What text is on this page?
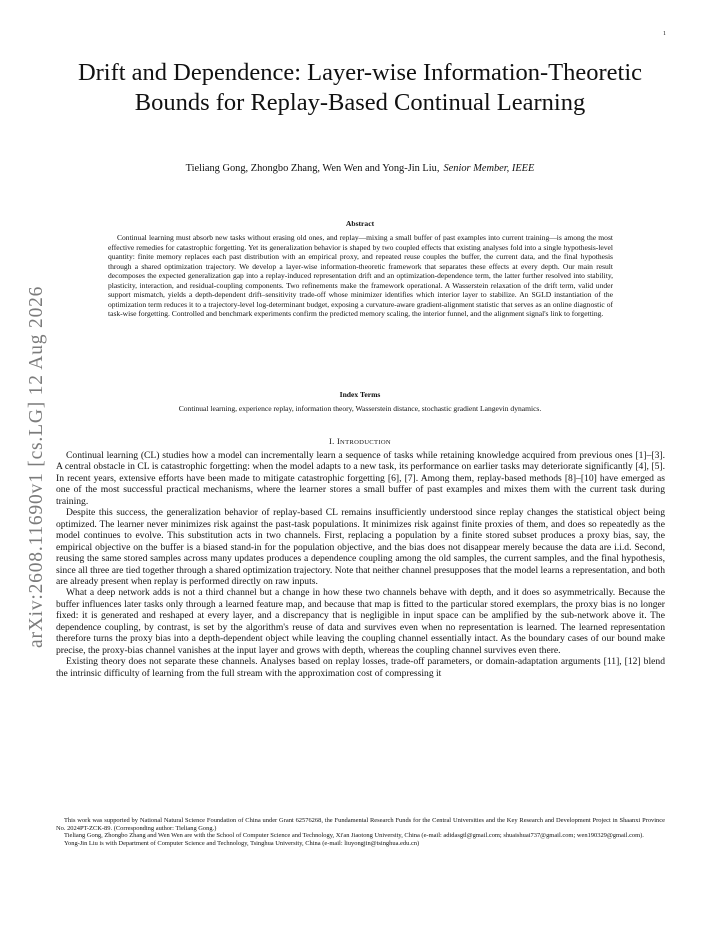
1
arXiv:2608.11690v1 [cs.LG] 12 Aug 2026
Drift and Dependence: Layer-wise Information-Theoretic Bounds for Replay-Based Continual Learning
Tieliang Gong, Zhongbo Zhang, Wen Wen and Yong-Jin Liu, Senior Member, IEEE
Abstract
Continual learning must absorb new tasks without erasing old ones, and replay—mixing a small buffer of past examples into current training—is among the most effective remedies for catastrophic forgetting. Yet its generalization behavior is shaped by two coupled effects that existing analyses fold into a single hypothesis-level quantity: finite memory replaces each past distribution with an empirical proxy, and repeated reuse couples the buffer, the current data, and the final hypothesis through a shared optimization trajectory. We develop a layer-wise information-theoretic framework that separates these effects at every depth. Our main result decomposes the expected generalization gap into a replay-induced representation drift and an optimization-dependence term, the latter further resolved into stability, plasticity, interaction, and residual-coupling components. Two refinements make the framework operational. A Wasserstein relaxation of the drift term, valid under support mismatch, yields a depth-dependent drift–sensitivity trade-off whose minimizer identifies which interior layer to stabilize. An SGLD instantiation of the optimization term reduces it to a trajectory-level log-determinant budget, exposing a curvature-aware gradient-alignment statistic that serves as an online diagnostic of task-wise forgetting. Controlled and benchmark experiments confirm the predicted memory scaling, the interior funnel, and the alignment signal's link to forgetting.
Index Terms
Continual learning, experience replay, information theory, Wasserstein distance, stochastic gradient Langevin dynamics.
I. INTRODUCTION

Continual learning (CL) studies how a model can incrementally learn a sequence of tasks while retaining knowledge acquired from previous ones [1]–[3]. A central obstacle in CL is catastrophic forgetting: when the model adapts to a new task, its performance on earlier tasks may deteriorate significantly [4], [5]. In recent years, extensive efforts have been made to mitigate catastrophic forgetting [6], [7]. Among them, replay-based methods [8]–[10] have emerged as one of the most successful practical mechanisms, where the learner stores a small buffer of past examples and mixes them with the current task during training.

Despite this success, the generalization behavior of replay-based CL remains insufficiently understood since replay changes the statistical object being optimized. The learner never minimizes risk against the past-task populations. It minimizes risk against finite proxies of them, and does so repeatedly as the model continues to evolve. This substitution acts in two channels. First, replacing a population by a finite stored subset produces a proxy bias, say, the empirical objective on the buffer is a biased stand-in for the population objective, and the bias does not disappear merely because the data are i.i.d. Second, reusing the same stored samples across many updates produces a dependence coupling among the old samples, the current samples, and the final hypothesis, since all three are tied together through a shared optimization trajectory. Note that neither channel presupposes that the model learns a representation, and both are already present when replay is performed directly on raw inputs.

What a deep network adds is not a third channel but a change in how these two channels behave with depth, and it does so asymmetrically. Because the buffer influences later tasks only through a learned feature map, and because that map is fitted to the particular stored exemplars, the proxy bias is no longer fixed: it is generated and reshaped at every layer, and a discrepancy that is negligible in input space can be amplified by the sub-network above it. The dependence coupling, by contrast, is set by the algorithm's reuse of data and survives even when no representation is learned. The learned representation therefore turns the proxy bias into a depth-dependent object while leaving the coupling channel essentially intact. As the boundary cases of our bound make precise, the proxy-bias channel vanishes at the input layer and grows with depth, whereas the coupling channel survives even there.

Existing theory does not separate these channels. Analyses based on replay losses, trade-off parameters, or domain-adaptation arguments [11], [12] blend the intrinsic difficulty of learning from the full stream with the approximation cost of compressing it

This work was supported by National Natural Science Foundation of China under Grant 62576268, the Fundamental Research Funds for the Central Universities and the Key Research and Development Project in Shaanxi Province No. 2024PT-ZCK-89. (Corresponding author: Tieliang Gong.)

Tieliang Gong, Zhongbo Zhang and Wen Wen are with the School of Computer Science and Technology, Xi'an Jiaotong University, China (e-mail: adidasgtl@gmail.com; shuaishuai737@gmail.com; wen190329@gmail.com).

Yong-Jin Liu is with Department of Computer Science and Technology, Tsinghua University, China (e-mail: liuyongjin@tsinghua.edu.cn)
